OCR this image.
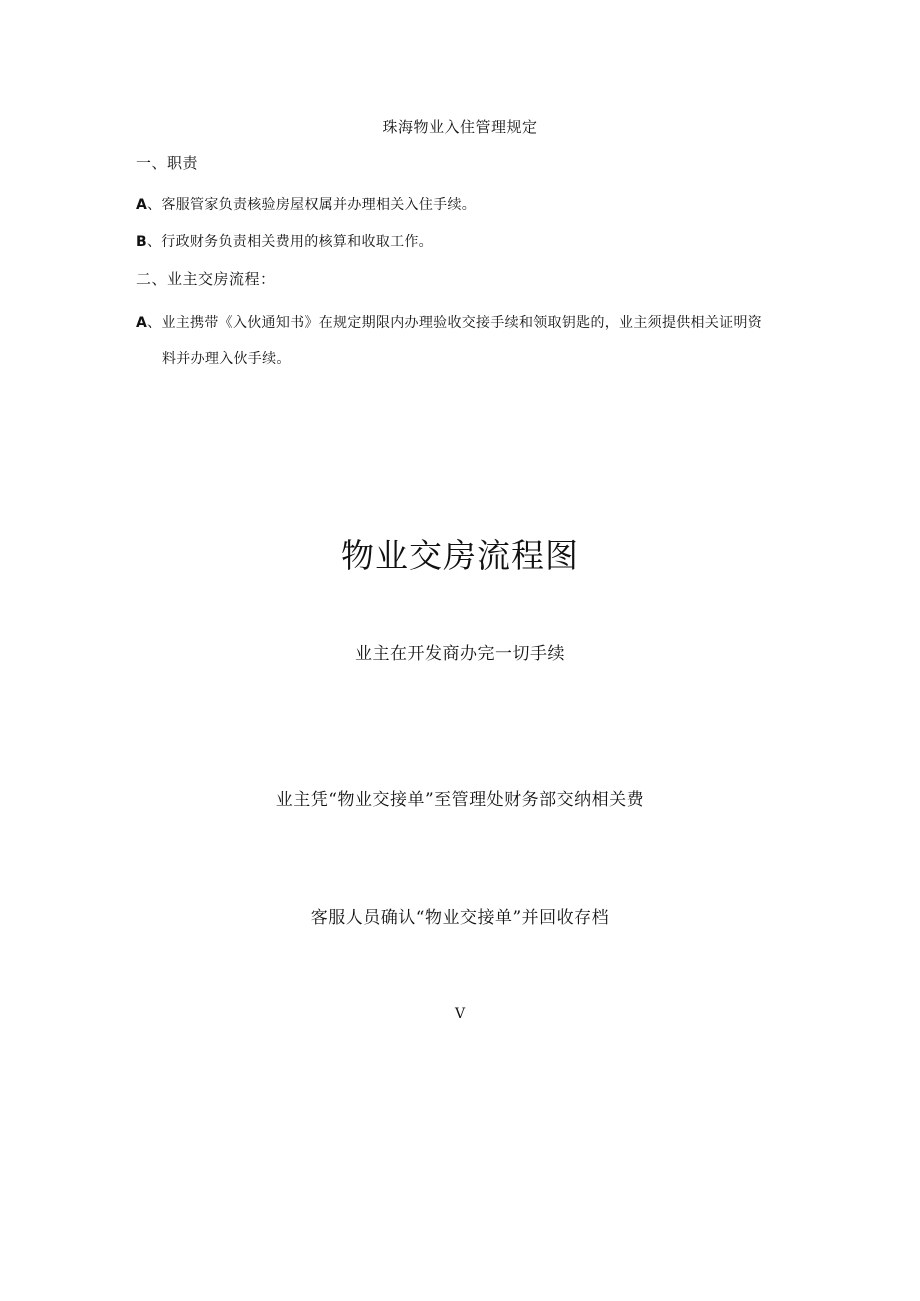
珠海物业入住管理规定
一、职责
A、客服管家负责核验房屋权属并办理相关入住手续。
B、行政财务负责相关费用的核算和收取工作。
二、业主交房流程：
A、业主携带《入伙通知书》在规定期限内办理验收交接手续和领取钥匙的，业主须提供相关证明资
料并办理入伙手续。
物业交房流程图
业主在开发商办完一切手续
业主凭“物业交接单”至管理处财务部交纳相关费
客服人员确认“物业交接单”并回收存档
V
